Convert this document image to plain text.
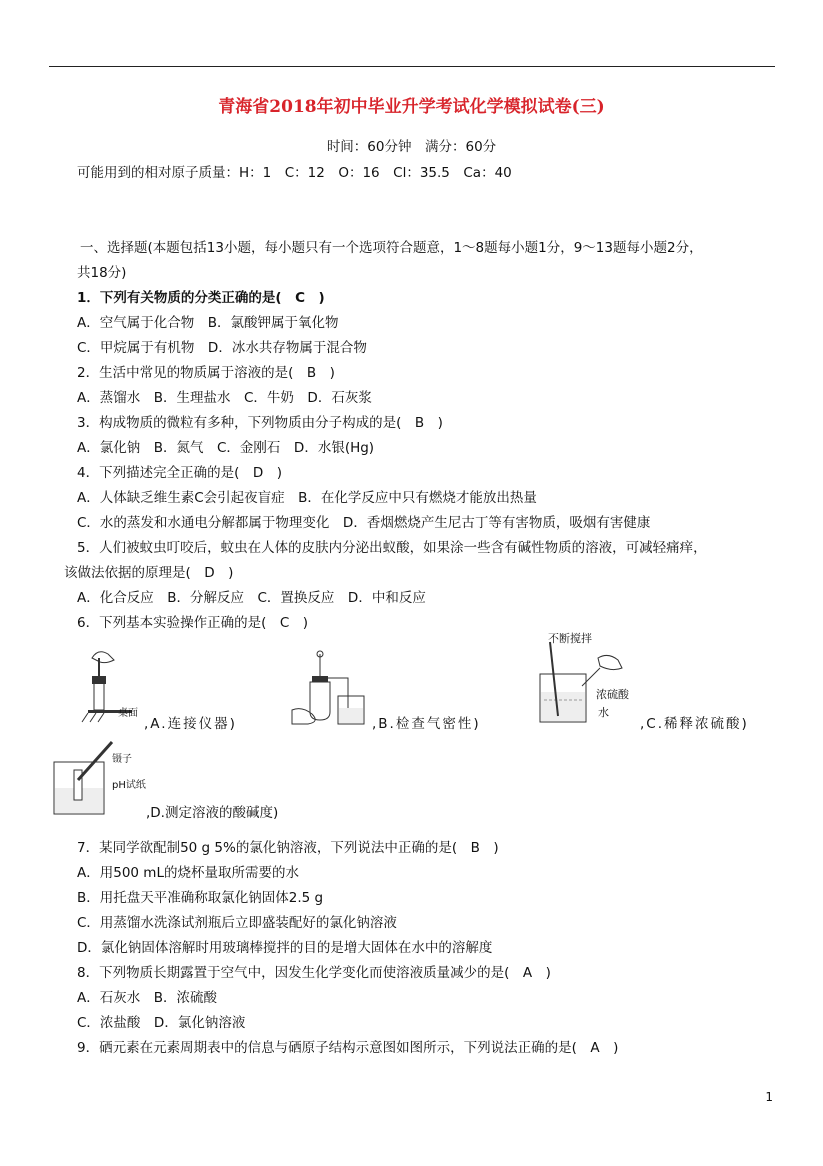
青海省2018年初中毕业升学考试化学模拟试卷(三)
时间：60分钟　满分：60分
可能用到的相对原子质量：H：1　C：12　O：16　Cl：35.5　Ca：40
一、选择题(本题包括13小题，每小题只有一个选项符合题意，1～8题每小题1分，9～13题每小题2分，
共18分)
1．下列有关物质的分类正确的是(　C　)
A．空气属于化合物　B．氯酸钾属于氧化物
C．甲烷属于有机物　D．冰水共存物属于混合物
2．生活中常见的物质属于溶液的是(　B　)
A．蒸馏水　B．生理盐水　C．牛奶　D．石灰浆
3．构成物质的微粒有多种，下列物质由分子构成的是(　B　)
A．氯化钠　B．氮气　C．金刚石　D．水银(Hg)
4．下列描述完全正确的是(　D　)
A．人体缺乏维生素C会引起夜盲症　B．在化学反应中只有燃烧才能放出热量
C．水的蒸发和水通电分解都属于物理变化　D．香烟燃烧产生尼古丁等有害物质，吸烟有害健康
5．人们被蚊虫叮咬后，蚊虫在人体的皮肤内分泌出蚁酸，如果涂一些含有碱性物质的溶液，可减轻痛痒，
该做法依据的原理是(　D　)
A．化合反应　B．分解反应　C．置换反应　D．中和反应
6．下列基本实验操作正确的是(　C　)
桌面
,A.连接仪器)	,B.检查气密性)
不断搅拌
浓硫酸
水
,C.稀释浓硫酸)
镊子
pH试纸
,D.测定溶液的酸碱度)
7．某同学欲配制50 g 5%的氯化钠溶液，下列说法中正确的是(　B　)
A．用500 mL的烧杯量取所需要的水
B．用托盘天平准确称取氯化钠固体2.5 g
C．用蒸馏水洗涤试剂瓶后立即盛装配好的氯化钠溶液
D．氯化钠固体溶解时用玻璃棒搅拌的目的是增大固体在水中的溶解度
8．下列物质长期露置于空气中，因发生化学变化而使溶液质量减少的是(　A　)
A．石灰水　B．浓硫酸
C．浓盐酸　D．氯化钠溶液
9．硒元素在元素周期表中的信息与硒原子结构示意图如图所示，下列说法正确的是(　A　)
1
